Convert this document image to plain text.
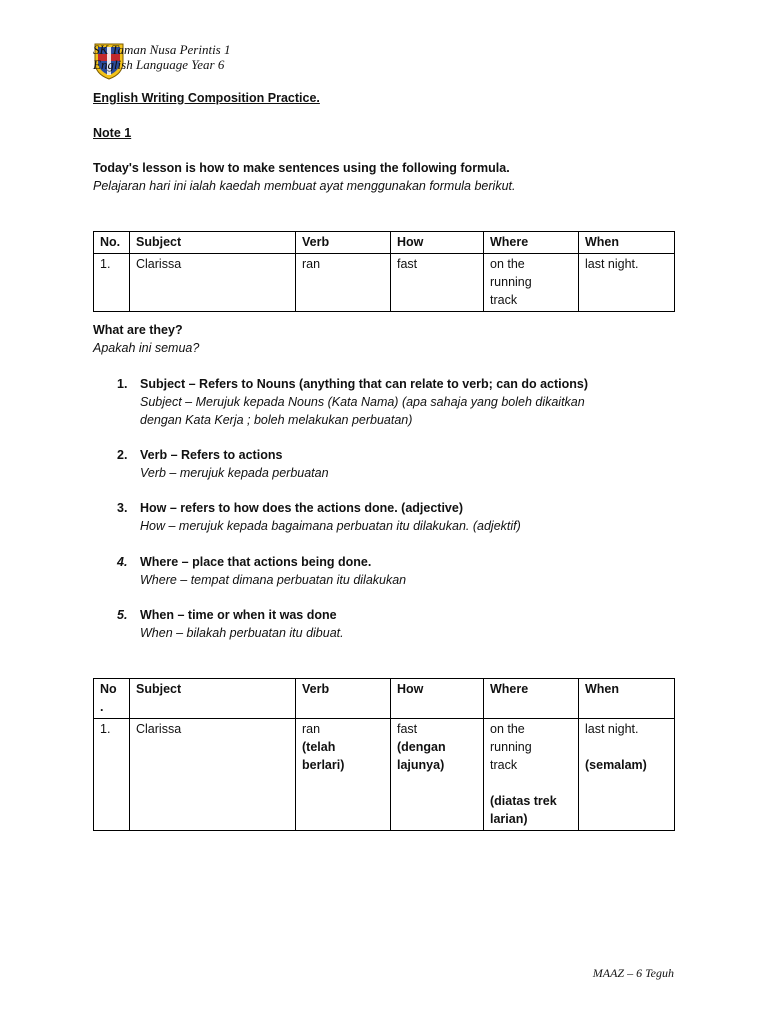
SK Taman Nusa Perintis 1
English Language Year 6
English Writing Composition Practice.
Note 1
Today's lesson is how to make sentences using the following formula.
Pelajaran hari ini ialah kaedah membuat ayat menggunakan formula berikut.
No.	Subject	Verb	How	Where	When
1.	Clarissa	ran	fast	on the
running
track	last night.
What are they?
Apakah ini semua?
1. Subject – Refers to Nouns (anything that can relate to verb; can do actions)
Subject – Merujuk kepada Nouns (Kata Nama) (apa sahaja yang boleh dikaitkan
dengan Kata Kerja ; boleh melakukan perbuatan)
2. Verb – Refers to actions
Verb – merujuk kepada perbuatan
3. How – refers to how does the actions done. (adjective)
How – merujuk kepada bagaimana perbuatan itu dilakukan. (adjektif)
4. Where – place that actions being done.
Where – tempat dimana perbuatan itu dilakukan
5. When – time or when it was done
When – bilakah perbuatan itu dibuat.
No
.	Subject	Verb	How	Where	When
1.	Clarissa	ran
(telah
berlari)	fast
(dengan
lajunya)	on the
running
track
(diatas trek
larian)	last night.
(semalam)
MAAZ – 6 Teguh
